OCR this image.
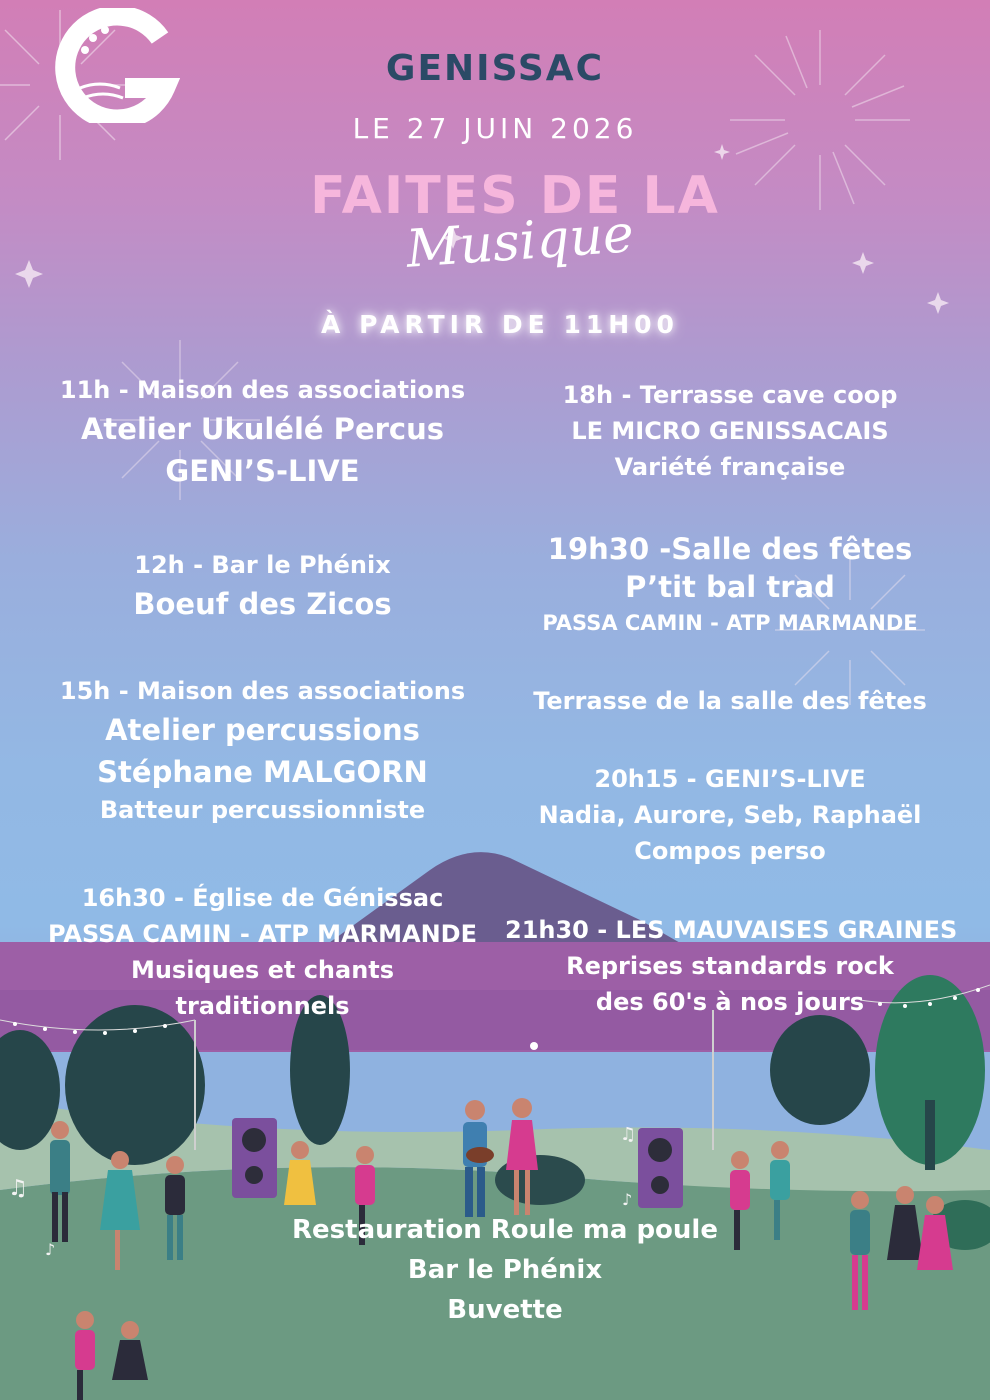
♫
♪
♫
♪
GENISSAC
LE 27 JUIN 2026
FAITES DE LA
Musique
À PARTIR DE 11H00
11h - Maison des associations
Atelier Ukulélé Percus
GENI’S-LIVE
12h - Bar le Phénix
Boeuf des Zicos
15h - Maison des associations
Atelier percussions
Stéphane MALGORN
Batteur percussionniste
16h30 - Église de Génissac
PASSA CAMIN - ATP MARMANDE
Musiques et chants
traditionnels
18h - Terrasse cave coop
LE MICRO GENISSACAIS
Variété française
19h30 -Salle des fêtes
P’tit bal trad
PASSA CAMIN - ATP MARMANDE
Terrasse de la salle des fêtes
20h15 - GENI’S-LIVE
Nadia, Aurore, Seb, Raphaël
Compos perso
21h30 - LES MAUVAISES GRAINES
Reprises standards rock
des 60's à nos jours
Restauration Roule ma poule
Bar le Phénix
Buvette
